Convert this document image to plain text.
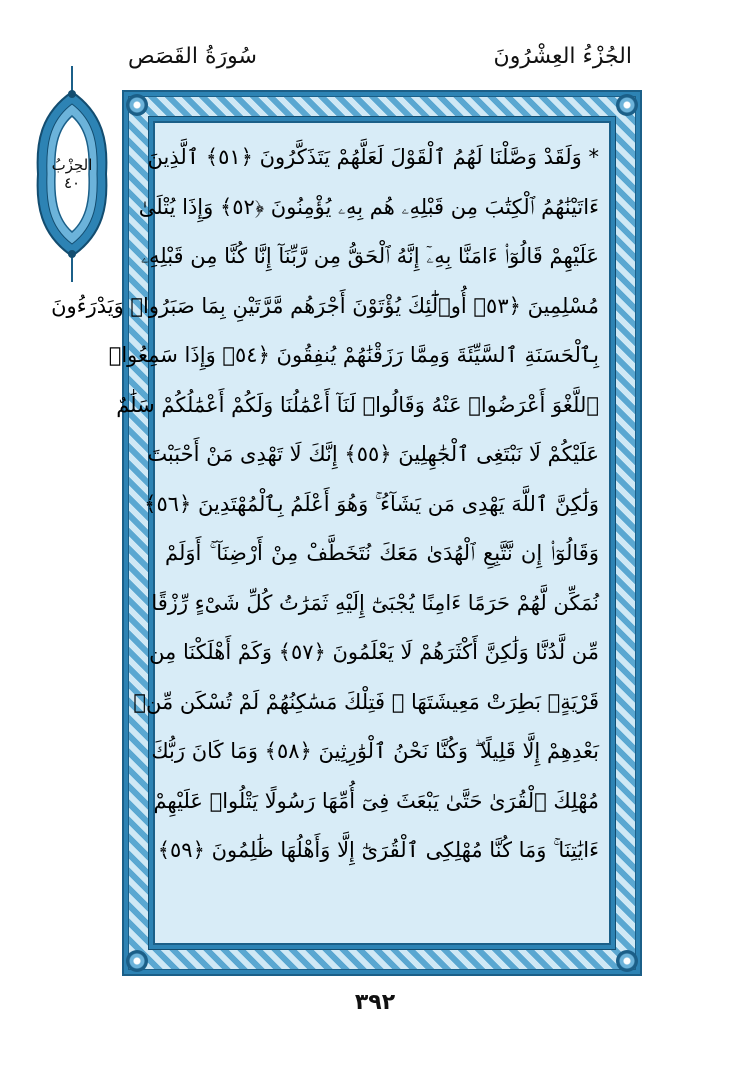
الجُزْءُ العِشْرُونَ
سُورَةُ القَصَص
الحِزْبُ
٤٠
* وَلَقَدْ وَصَّلْنَا لَهُمُ ٱلْقَوْلَ لَعَلَّهُمْ يَتَذَكَّرُونَ ﴿٥١﴾ ٱلَّذِينَ
ءَاتَيْنَٰهُمُ ٱلْكِتَٰبَ مِن قَبْلِهِۦ هُم بِهِۦ يُؤْمِنُونَ ﴿٥٢﴾ وَإِذَا يُتْلَىٰ
عَلَيْهِمْ قَالُوٓا۟ ءَامَنَّا بِهِۦٓ إِنَّهُ ٱلْحَقُّ مِن رَّبِّنَآ إِنَّا كُنَّا مِن قَبْلِهِۦ
مُسْلِمِينَ ﴿٥٣﴾ أُو۟لَٰٓئِكَ يُؤْتَوْنَ أَجْرَهُم مَّرَّتَيْنِ بِمَا صَبَرُوا۟ وَيَدْرَءُونَ
بِٱلْحَسَنَةِ ٱلسَّيِّئَةَ وَمِمَّا رَزَقْنَٰهُمْ يُنفِقُونَ ﴿٥٤﴾ وَإِذَا سَمِعُوا۟
ٱللَّغْوَ أَعْرَضُوا۟ عَنْهُ وَقَالُوا۟ لَنَآ أَعْمَٰلُنَا وَلَكُمْ أَعْمَٰلُكُمْ سَلَٰمٌ
عَلَيْكُمْ لَا نَبْتَغِى ٱلْجَٰهِلِينَ ﴿٥٥﴾ إِنَّكَ لَا تَهْدِى مَنْ أَحْبَبْتَ
وَلَٰكِنَّ ٱللَّهَ يَهْدِى مَن يَشَآءُ ۚ وَهُوَ أَعْلَمُ بِٱلْمُهْتَدِينَ ﴿٥٦﴾
وَقَالُوٓا۟ إِن نَّتَّبِعِ ٱلْهُدَىٰ مَعَكَ نُتَخَطَّفْ مِنْ أَرْضِنَآ ۚ أَوَلَمْ
نُمَكِّن لَّهُمْ حَرَمًا ءَامِنًا يُجْبَىٰٓ إِلَيْهِ ثَمَرَٰتُ كُلِّ شَىْءٍ رِّزْقًا
مِّن لَّدُنَّا وَلَٰكِنَّ أَكْثَرَهُمْ لَا يَعْلَمُونَ ﴿٥٧﴾ وَكَمْ أَهْلَكْنَا مِن
قَرْيَةٍۭ بَطِرَتْ مَعِيشَتَهَا ۖ فَتِلْكَ مَسَٰكِنُهُمْ لَمْ تُسْكَن مِّنۢ
بَعْدِهِمْ إِلَّا قَلِيلًا ۖ وَكُنَّا نَحْنُ ٱلْوَٰرِثِينَ ﴿٥٨﴾ وَمَا كَانَ رَبُّكَ
مُهْلِكَ ٱلْقُرَىٰ حَتَّىٰ يَبْعَثَ فِىٓ أُمِّهَا رَسُولًا يَتْلُوا۟ عَلَيْهِمْ
ءَايَٰتِنَا ۚ وَمَا كُنَّا مُهْلِكِى ٱلْقُرَىٰٓ إِلَّا وَأَهْلُهَا ظَٰلِمُونَ ﴿٥٩﴾
٣٩٢
